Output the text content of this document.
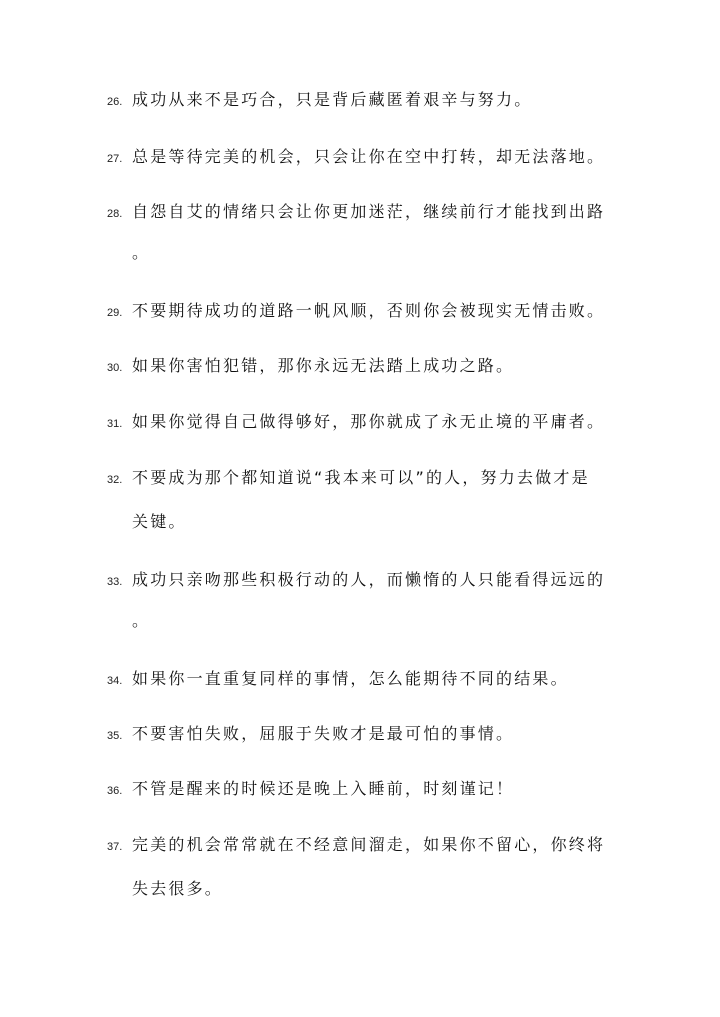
26. 成功从来不是巧合，只是背后藏匿着艰辛与努力。
27. 总是等待完美的机会，只会让你在空中打转，却无法落地。
28. 自怨自艾的情绪只会让你更加迷茫，继续前行才能找到出路
。
29. 不要期待成功的道路一帆风顺，否则你会被现实无情击败。
30. 如果你害怕犯错，那你永远无法踏上成功之路。
31. 如果你觉得自己做得够好，那你就成了永无止境的平庸者。
32. 不要成为那个都知道说“我本来可以”的人，努力去做才是
关键。
33. 成功只亲吻那些积极行动的人，而懒惰的人只能看得远远的
。
34. 如果你一直重复同样的事情，怎么能期待不同的结果。
35. 不要害怕失败，屈服于失败才是最可怕的事情。
36. 不管是醒来的时候还是晚上入睡前，时刻谨记！
37. 完美的机会常常就在不经意间溜走，如果你不留心，你终将
失去很多。
